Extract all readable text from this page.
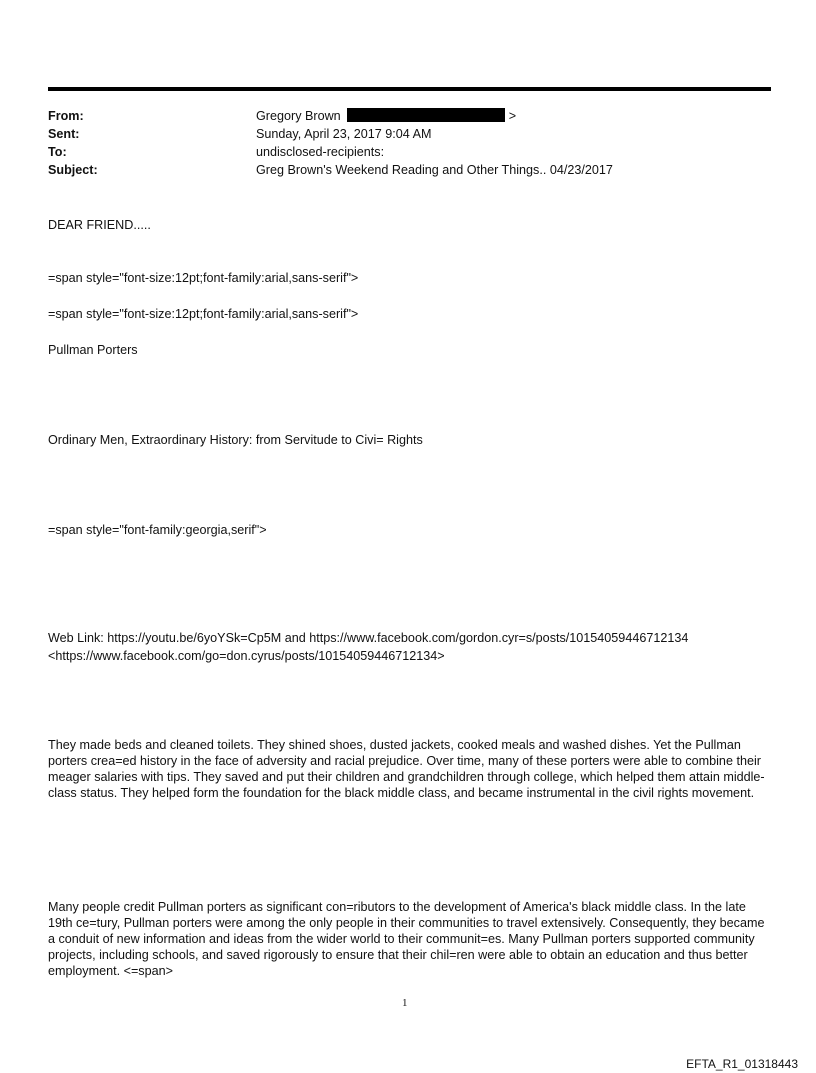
From:	Gregory Brown	>
Sent:	Sunday, April 23, 2017 9:04 AM
To:	undisclosed-recipients:
Subject:	Greg Brown's Weekend Reading and Other Things.. 04/23/2017
DEAR FRIEND.....
=span style="font-size:12pt;font-family:arial,sans-serif">
=span style="font-size:12pt;font-family:arial,sans-serif">
Pullman Porters
Ordinary Men, Extraordinary History: from Servitude to Civi= Rights
=span style="font-family:georgia,serif">
Web Link: https://youtu.be/6yoYSk=Cp5M and https://www.facebook.com/gordon.cyr=s/posts/10154059446712134
<https://www.facebook.com/go=don.cyrus/posts/10154059446712134>
They made beds and cleaned toilets. They shined shoes, dusted jackets, cooked meals and washed dishes. Yet the Pullman porters crea=ed history in the face of adversity and racial prejudice. Over time, many of these porters were able to combine their meager salaries with tips. They saved and put their children and grandchildren through college, which helped them attain middle-class status. They helped form the foundation for the black middle class, and became instrumental in the civil rights movement.
Many people credit Pullman porters as significant con=ributors to the development of America's black middle class. In the late 19th ce=tury, Pullman porters were among the only people in their communities to travel extensively. Consequently, they became a conduit of new information and ideas from the wider world to their communit=es. Many Pullman porters supported community projects, including schools, and saved rigorously to ensure that their chil=ren were able to obtain an education and thus better employment. <=span>
1
EFTA_R1_01318443
